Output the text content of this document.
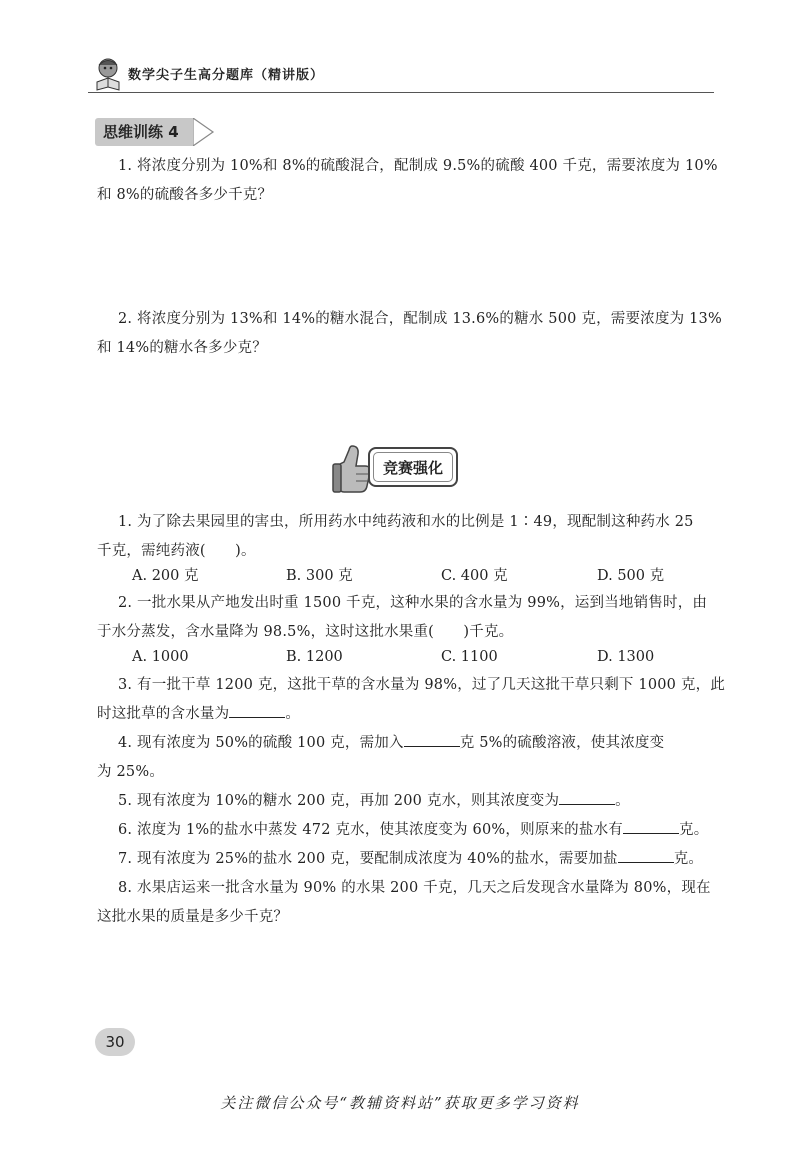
数学尖子生高分题库（精讲版）
思维训练 4
1. 将浓度分别为 10%和 8%的硫酸混合，配制成 9.5%的硫酸 400 千克，需要浓度为 10%
和 8%的硫酸各多少千克？
2. 将浓度分别为 13%和 14%的糖水混合，配制成 13.6%的糖水 500 克，需要浓度为 13%
和 14%的糖水各多少克？
竞赛强化
1. 为了除去果园里的害虫，所用药水中纯药液和水的比例是 1∶49，现配制这种药水 25
千克，需纯药液(　　)。
A. 200 克	B. 300 克	C. 400 克	D. 500 克
2. 一批水果从产地发出时重 1500 千克，这种水果的含水量为 99%，运到当地销售时，由
于水分蒸发，含水量降为 98.5%，这时这批水果重(　　)千克。
A. 1000	B. 1200	C. 1100	D. 1300
3. 有一批干草 1200 克，这批干草的含水量为 98%，过了几天这批干草只剩下 1000 克，此
时这批草的含水量为	。
4. 现有浓度为 50%的硫酸 100 克，需加入	克 5%的硫酸溶液，使其浓度变
为 25%。
5. 现有浓度为 10%的糖水 200 克，再加 200 克水，则其浓度变为	。
6. 浓度为 1%的盐水中蒸发 472 克水，使其浓度变为 60%，则原来的盐水有	克。
7. 现有浓度为 25%的盐水 200 克，要配制成浓度为 40%的盐水，需要加盐	克。
8. 水果店运来一批含水量为 90% 的水果 200 千克，几天之后发现含水量降为 80%，现在
这批水果的质量是多少千克？
30
关注微信公众号“教辅资料站”获取更多学习资料
